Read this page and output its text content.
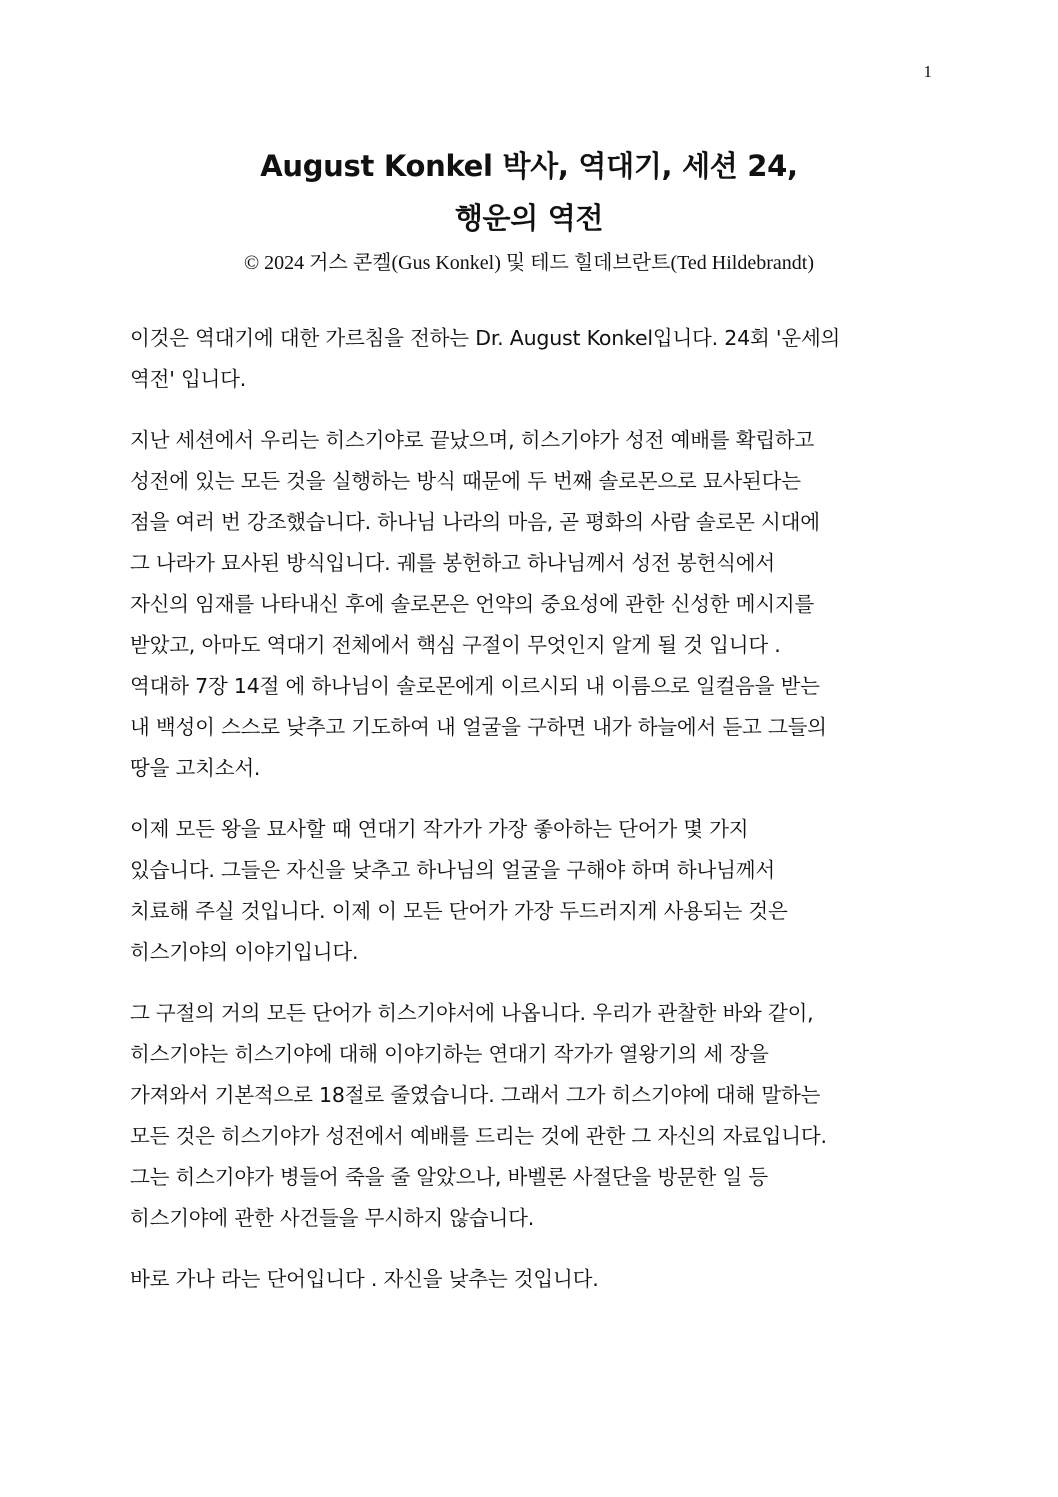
1
August Konkel 박사, 역대기, 세션 24,
행운의 역전
© 2024 거스 콘켈(Gus Konkel) 및 테드 힐데브란트(Ted Hildebrandt)

이것은 역대기에 대한 가르침을 전하는 Dr. August Konkel입니다. 24회 '운세의
역전' 입니다.

지난 세션에서 우리는 히스기야로 끝났으며, 히스기야가 성전 예배를 확립하고
성전에 있는 모든 것을 실행하는 방식 때문에 두 번째 솔로몬으로 묘사된다는
점을 여러 번 강조했습니다. 하나님 나라의 마음, 곧 평화의 사람 솔로몬 시대에
그 나라가 묘사된 방식입니다. 궤를 봉헌하고 하나님께서 성전 봉헌식에서
자신의 임재를 나타내신 후에 솔로몬은 언약의 중요성에 관한 신성한 메시지를
받았고, 아마도 역대기 전체에서 핵심 구절이 무엇인지 알게 될 것 입니다 .
역대하 7장 14절 에 하나님이 솔로몬에게 이르시되 내 이름으로 일컬음을 받는
내 백성이 스스로 낮추고 기도하여 내 얼굴을 구하면 내가 하늘에서 듣고 그들의
땅을 고치소서.

이제 모든 왕을 묘사할 때 연대기 작가가 가장 좋아하는 단어가 몇 가지
있습니다. 그들은 자신을 낮추고 하나님의 얼굴을 구해야 하며 하나님께서
치료해 주실 것입니다. 이제 이 모든 단어가 가장 두드러지게 사용되는 것은
히스기야의 이야기입니다.

그 구절의 거의 모든 단어가 히스기야서에 나옵니다. 우리가 관찰한 바와 같이,
히스기야는 히스기야에 대해 이야기하는 연대기 작가가 열왕기의 세 장을
가져와서 기본적으로 18절로 줄였습니다. 그래서 그가 히스기야에 대해 말하는
모든 것은 히스기야가 성전에서 예배를 드리는 것에 관한 그 자신의 자료입니다.
그는 히스기야가 병들어 죽을 줄 알았으나, 바벨론 사절단을 방문한 일 등
히스기야에 관한 사건들을 무시하지 않습니다.

바로 가나 라는 단어입니다 . 자신을 낮추는 것입니다.
